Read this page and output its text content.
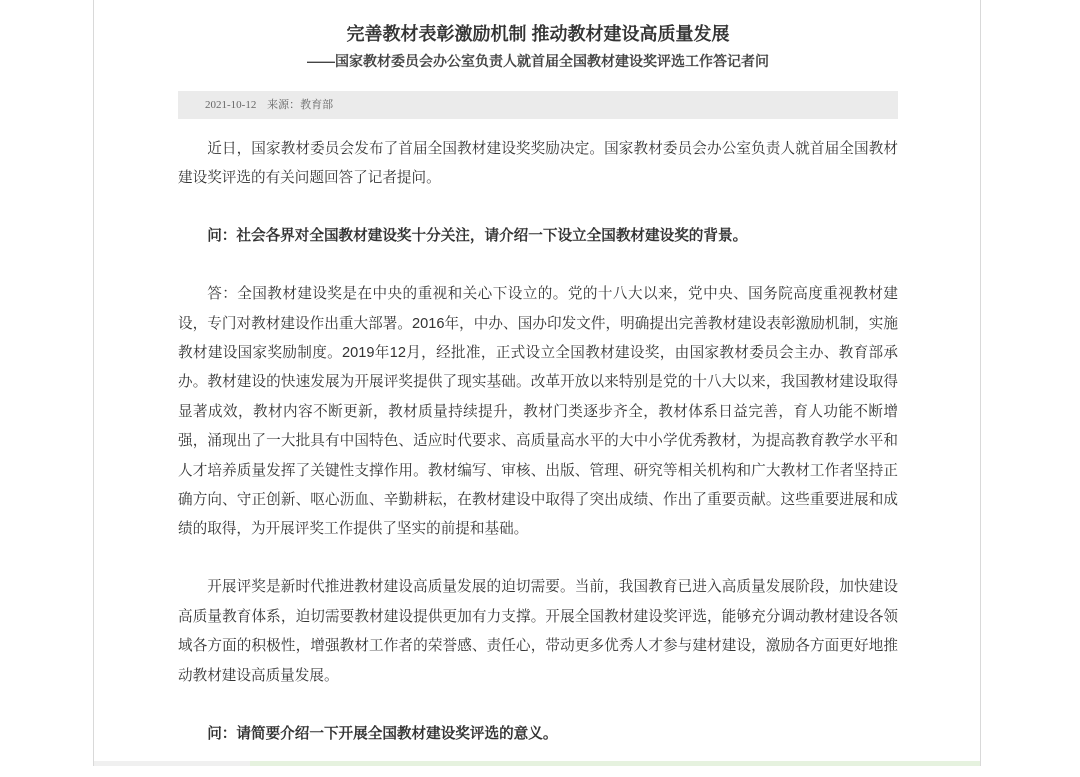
完善教材表彰激励机制 推动教材建设高质量发展
——国家教材委员会办公室负责人就首届全国教材建设奖评选工作答记者问
2021-10-12 来源：教育部

近日，国家教材委员会发布了首届全国教材建设奖奖励决定。国家教材委员会办公室负责人就首届全国教材建设奖评选的有关问题回答了记者提问。

问：社会各界对全国教材建设奖十分关注，请介绍一下设立全国教材建设奖的背景。

答：全国教材建设奖是在中央的重视和关心下设立的。党的十八大以来，党中央、国务院高度重视教材建设，专门对教材建设作出重大部署。2016年，中办、国办印发文件，明确提出完善教材建设表彰激励机制，实施教材建设国家奖励制度。2019年12月，经批准，正式设立全国教材建设奖，由国家教材委员会主办、教育部承办。教材建设的快速发展为开展评奖提供了现实基础。改革开放以来特别是党的十八大以来，我国教材建设取得显著成效，教材内容不断更新，教材质量持续提升，教材门类逐步齐全，教材体系日益完善，育人功能不断增强，涌现出了一大批具有中国特色、适应时代要求、高质量高水平的大中小学优秀教材，为提高教育教学水平和人才培养质量发挥了关键性支撑作用。教材编写、审核、出版、管理、研究等相关机构和广大教材工作者坚持正确方向、守正创新、呕心沥血、辛勤耕耘，在教材建设中取得了突出成绩、作出了重要贡献。这些重要进展和成绩的取得，为开展评奖工作提供了坚实的前提和基础。

开展评奖是新时代推进教材建设高质量发展的迫切需要。当前，我国教育已进入高质量发展阶段，加快建设高质量教育体系，迫切需要教材建设提供更加有力支撑。开展全国教材建设奖评选，能够充分调动教材建设各领域各方面的积极性，增强教材工作者的荣誉感、责任心，带动更多优秀人才参与建材建设，激励各方面更好地推动教材建设高质量发展。

问：请简要介绍一下开展全国教材建设奖评选的意义。
